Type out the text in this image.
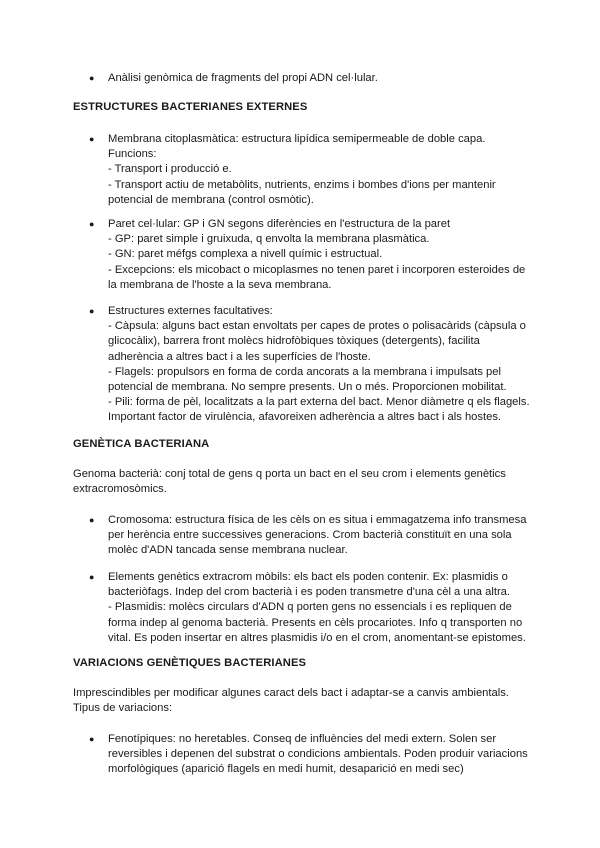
● Anàlisi genòmica de fragments del propi ADN cel·lular.
ESTRUCTURES BACTERIANES EXTERNES
● Membrana citoplasmàtica: estructura lipídica semipermeable de doble capa.
Funcions:
- Transport i producció e.
- Transport actiu de metabòlits, nutrients, enzims i bombes d'ions per mantenir
potencial de membrana (control osmòtic).
● Paret cel·lular: GP i GN segons diferències en l'estructura de la paret
- GP: paret simple i gruixuda, q envolta la membrana plasmàtica.
- GN: paret méfgs complexa a nivell químic i estructual.
- Excepcions: els micobact o micoplasmes no tenen paret i incorporen esteroides de
la membrana de l'hoste a la seva membrana.
● Estructures externes facultatives:
- Càpsula: alguns bact estan envoltats per capes de protes o polisacàrids (càpsula o
glicocàlix), barrera front molècs hidrofòbiques tòxiques (detergents), facilita
adherència a altres bact i a les superfícies de l'hoste.
- Flagels: propulsors en forma de corda ancorats a la membrana i impulsats pel
potencial de membrana. No sempre presents. Un o més. Proporcionen mobilitat.
- Pili: forma de pèl, localitzats a la part externa del bact. Menor diàmetre q els flagels.
Important factor de virulència, afavoreixen adherència a altres bact i als hostes.
GENÈTICA BACTERIANA
Genoma bacterià: conj total de gens q porta un bact en el seu crom i elements genètics
extracromosòmics.
● Cromosoma: estructura física de les cèls on es situa i emmagatzema info transmesa
per herència entre successives generacions. Crom bacterià constituït en una sola
molèc d'ADN tancada sense membrana nuclear.
● Elements genètics extracrom mòbils: els bact els poden contenir. Ex: plasmidis o
bacteriòfags. Indep del crom bacterià i es poden transmetre d'una cèl a una altra.
- Plasmidis: molècs circulars d'ADN q porten gens no essencials i es repliquen de
forma indep al genoma bacterià. Presents en cèls procariotes. Info q transporten no
vital. Es poden insertar en altres plasmidis i/o en el crom, anomentant-se epistomes.
VARIACIONS GENÈTIQUES BACTERIANES
Imprescindibles per modificar algunes caract dels bact i adaptar-se a canvis ambientals.
Tipus de variacions:
● Fenotípiques: no heretables. Conseq de influències del medi extern. Solen ser
reversibles i depenen del substrat o condicions ambientals. Poden produir variacions
morfològiques (aparició flagels en medi humit, desaparició en medi sec)
